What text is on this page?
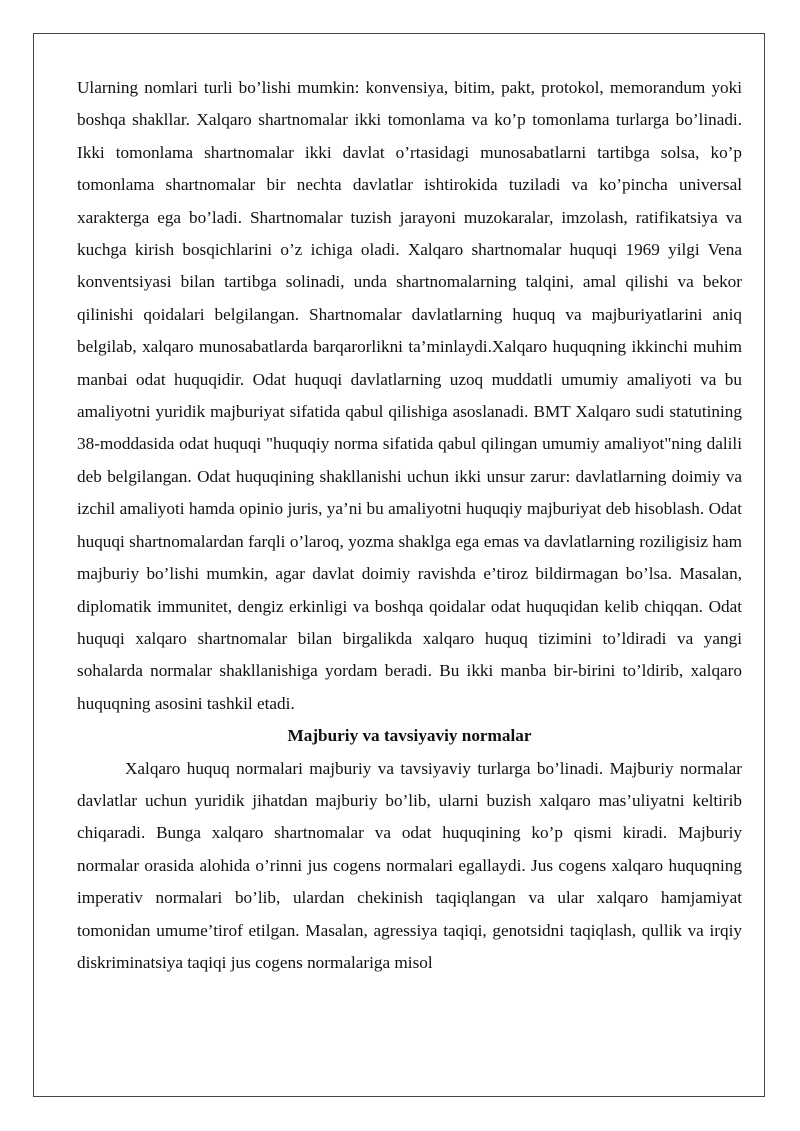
Ularning nomlari turli bo’lishi mumkin: konvensiya, bitim, pakt, protokol, memorandum yoki boshqa shakllar. Xalqaro shartnomalar ikki tomonlama va ko’p tomonlama turlarga bo’linadi. Ikki tomonlama shartnomalar ikki davlat o’rtasidagi munosabatlarni tartibga solsa, ko’p tomonlama shartnomalar bir nechta davlatlar ishtirokida tuziladi va ko’pincha universal xarakterga ega bo’ladi. Shartnomalar tuzish jarayoni muzokaralar, imzolash, ratifikatsiya va kuchga kirish bosqichlarini o’z ichiga oladi. Xalqaro shartnomalar huquqi 1969 yilgi Vena konventsiyasi bilan tartibga solinadi, unda shartnomalarning talqini, amal qilishi va bekor qilinishi qoidalari belgilangan. Shartnomalar davlatlarning huquq va majburiyatlarini aniq belgilab, xalqaro munosabatlarda barqarorlikni ta’minlaydi.Xalqaro huquqning ikkinchi muhim manbai odat huquqidir. Odat huquqi davlatlarning uzoq muddatli umumiy amaliyoti va bu amaliyotni yuridik majburiyat sifatida qabul qilishiga asoslanadi. BMT Xalqaro sudi statutining 38-moddasida odat huquqi "huquqiy norma sifatida qabul qilingan umumiy amaliyot"ning dalili deb belgilangan. Odat huquqining shakllanishi uchun ikki unsur zarur: davlatlarning doimiy va izchil amaliyoti hamda opinio juris, ya’ni bu amaliyotni huquqiy majburiyat deb hisoblash. Odat huquqi shartnomalardan farqli o’laroq, yozma shaklga ega emas va davlatlarning roziligisiz ham majburiy bo’lishi mumkin, agar davlat doimiy ravishda e’tiroz bildirmagan bo’lsa. Masalan, diplomatik immunitet, dengiz erkinligi va boshqa qoidalar odat huquqidan kelib chiqqan. Odat huquqi xalqaro shartnomalar bilan birgalikda xalqaro huquq tizimini to’ldiradi va yangi sohalarda normalar shakllanishiga yordam beradi. Bu ikki manba bir-birini to’ldirib, xalqaro huquqning asosini tashkil etadi.

Majburiy va tavsiyaviy normalar

Xalqaro huquq normalari majburiy va tavsiyaviy turlarga bo’linadi. Majburiy normalar davlatlar uchun yuridik jihatdan majburiy bo’lib, ularni buzish xalqaro mas’uliyatni keltirib chiqaradi. Bunga xalqaro shartnomalar va odat huquqining ko’p qismi kiradi. Majburiy normalar orasida alohida o’rinni jus cogens normalari egallaydi. Jus cogens xalqaro huquqning imperativ normalari bo’lib, ulardan chekinish taqiqlangan va ular xalqaro hamjamiyat tomonidan umume’tirof etilgan. Masalan, agressiya taqiqi, genotsidni taqiqlash, qullik va irqiy diskriminatsiya taqiqi jus cogens normalariga misol
